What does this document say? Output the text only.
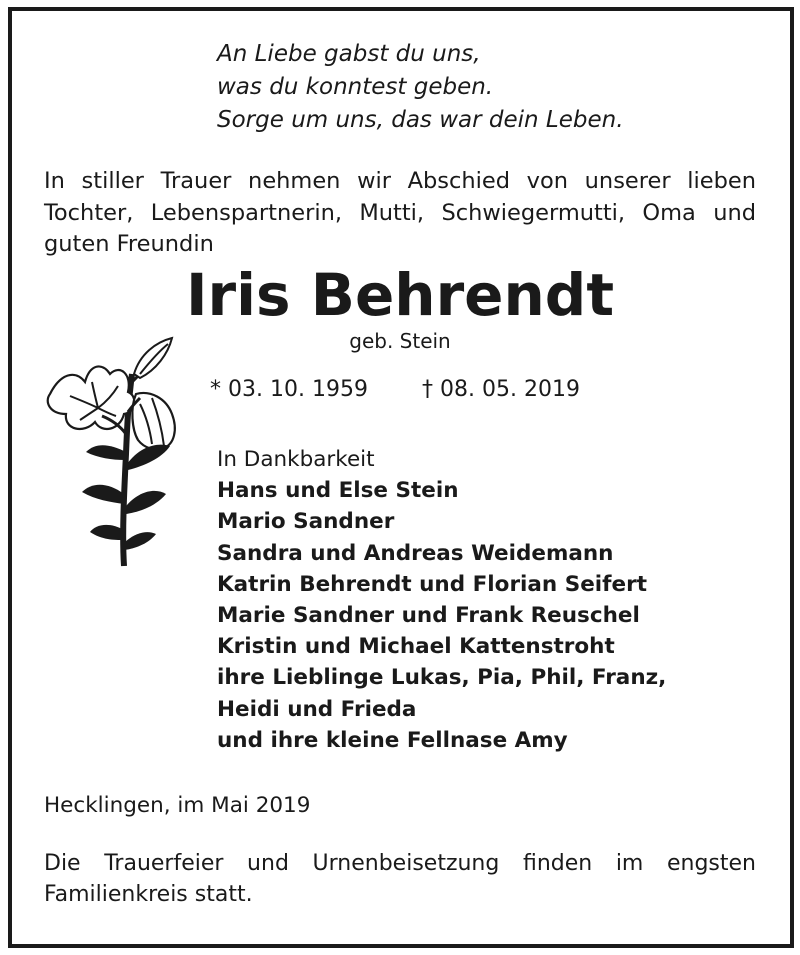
An Liebe gabst du uns,
was du konntest geben.
Sorge um uns, das war dein Leben.
In stiller Trauer nehmen wir Abschied von unserer lieben
Tochter, Lebenspartnerin, Mutti, Schwiegermutti, Oma und
guten Freundin
Iris Behrendt
geb. Stein
* 03. 10. 1959 † 08. 05. 2019
In Dankbarkeit
Hans und Else Stein
Mario Sandner
Sandra und Andreas Weidemann
Katrin Behrendt und Florian Seifert
Marie Sandner und Frank Reuschel
Kristin und Michael Kattenstroht
ihre Lieblinge Lukas, Pia, Phil, Franz,
Heidi und Frieda
und ihre kleine Fellnase Amy
Hecklingen, im Mai 2019
Die Trauerfeier und Urnenbeisetzung finden im engsten
Familienkreis statt.
